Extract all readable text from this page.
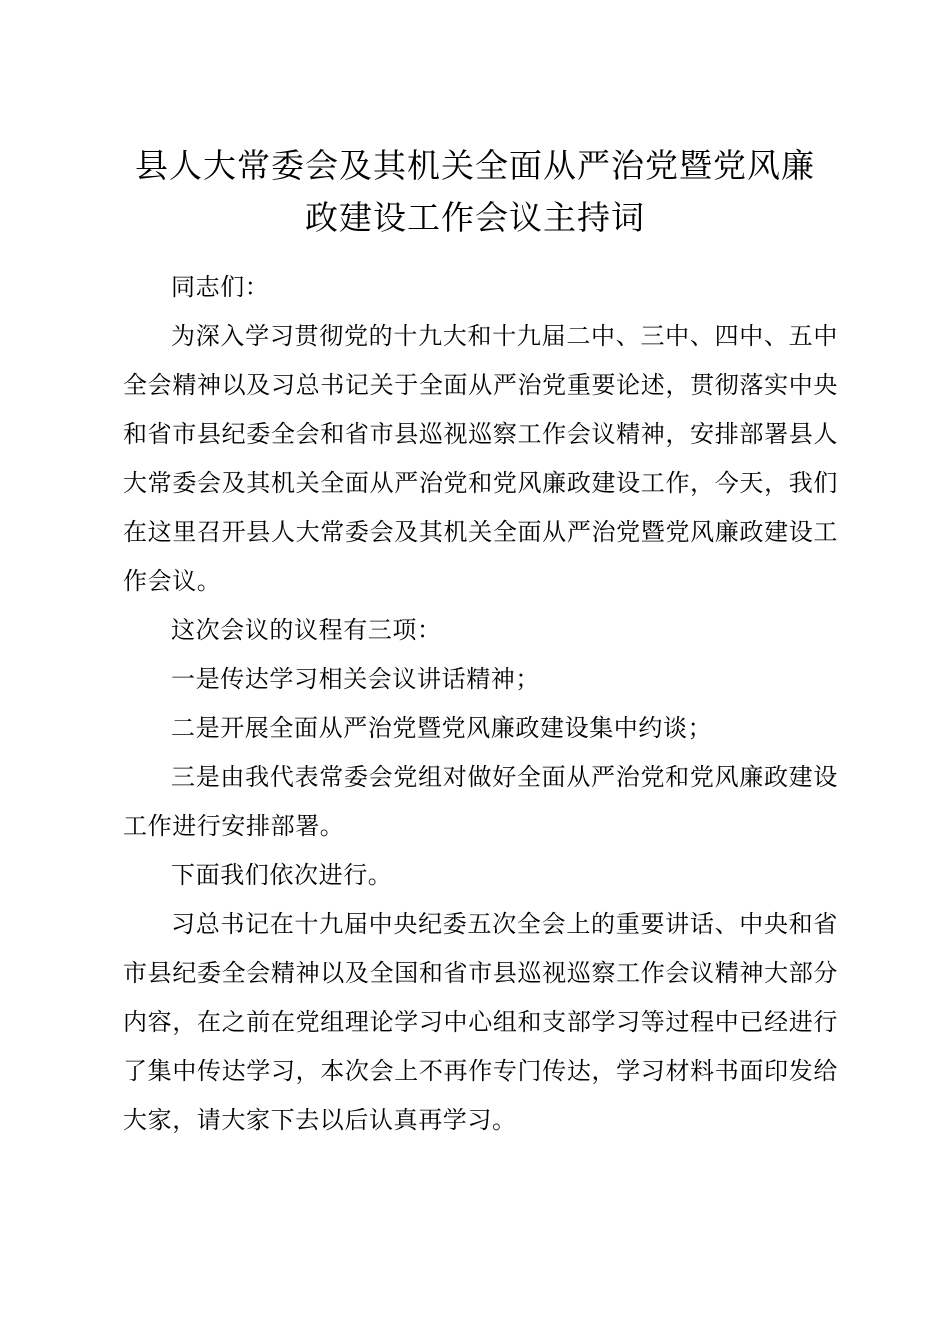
县人大常委会及其机关全面从严治党暨党风廉
政建设工作会议主持词

同志们：

为深入学习贯彻党的十九大和十九届二中、三中、四中、五中全会精神以及习总书记关于全面从严治党重要论述，贯彻落实中央和省市县纪委全会和省市县巡视巡察工作会议精神，安排部署县人大常委会及其机关全面从严治党和党风廉政建设工作，今天，我们在这里召开县人大常委会及其机关全面从严治党暨党风廉政建设工作会议。

这次会议的议程有三项：

一是传达学习相关会议讲话精神；

二是开展全面从严治党暨党风廉政建设集中约谈；

三是由我代表常委会党组对做好全面从严治党和党风廉政建设工作进行安排部署。

下面我们依次进行。

习总书记在十九届中央纪委五次全会上的重要讲话、中央和省市县纪委全会精神以及全国和省市县巡视巡察工作会议精神大部分内容，在之前在党组理论学习中心组和支部学习等过程中已经进行了集中传达学习，本次会上不再作专门传达，学习材料书面印发给大家，请大家下去以后认真再学习。
